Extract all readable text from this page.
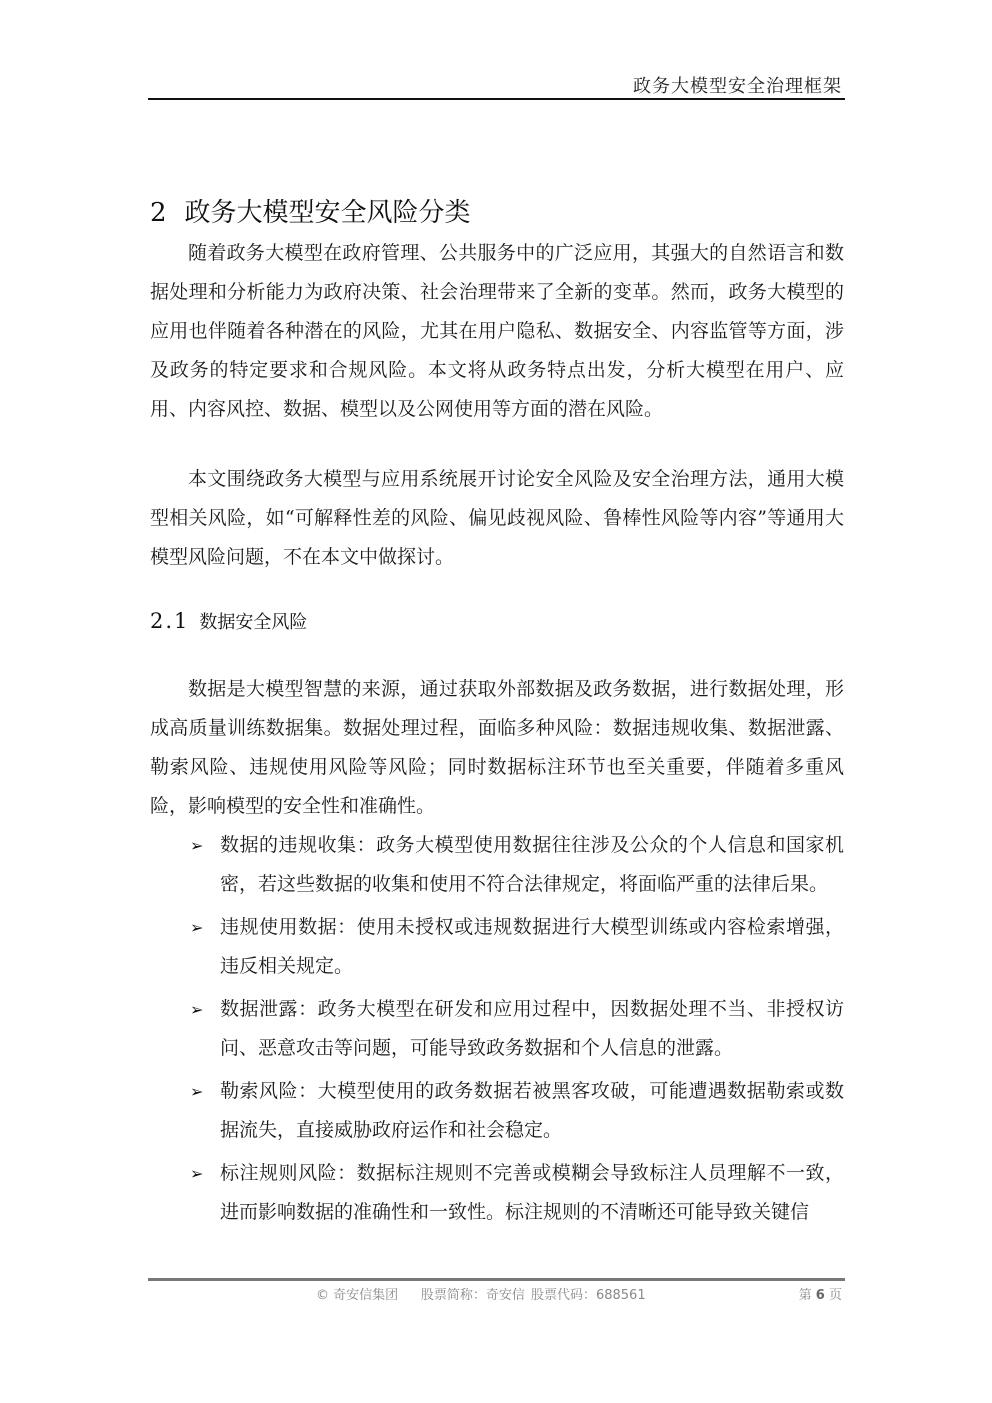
政务大模型安全治理框架
2 政务大模型安全风险分类

随着政务大模型在政府管理、公共服务中的广泛应用，其强大的自然语言和数据处理和分析能力为政府决策、社会治理带来了全新的变革。然而，政务大模型的应用也伴随着各种潜在的风险，尤其在用户隐私、数据安全、内容监管等方面，涉及政务的特定要求和合规风险。本文将从政务特点出发，分析大模型在用户、应用、内容风控、数据、模型以及公网使用等方面的潜在风险。

本文围绕政务大模型与应用系统展开讨论安全风险及安全治理方法，通用大模型相关风险，如“可解释性差的风险、偏见歧视风险、鲁棒性风险等内容”等通用大模型风险问题，不在本文中做探讨。

2.1 数据安全风险

数据是大模型智慧的来源，通过获取外部数据及政务数据，进行数据处理，形成高质量训练数据集。数据处理过程，面临多种风险：数据违规收集、数据泄露、勒索风险、违规使用风险等风险；同时数据标注环节也至关重要，伴随着多重风险，影响模型的安全性和准确性。

➢ 数据的违规收集：政务大模型使用数据往往涉及公众的个人信息和国家机密，若这些数据的收集和使用不符合法律规定，将面临严重的法律后果。
➢ 违规使用数据：使用未授权或违规数据进行大模型训练或内容检索增强，违反相关规定。
➢ 数据泄露：政务大模型在研发和应用过程中，因数据处理不当、非授权访问、恶意攻击等问题，可能导致政务数据和个人信息的泄露。
➢ 勒索风险：大模型使用的政务数据若被黑客攻破，可能遭遇数据勒索或数据流失，直接威胁政府运作和社会稳定。
➢ 标注规则风险：数据标注规则不完善或模糊会导致标注人员理解不一致，进而影响数据的准确性和一致性。标注规则的不清晰还可能导致关键信
© 奇安信集团 股票简称：奇安信 股票代码：688561	第 6 页
